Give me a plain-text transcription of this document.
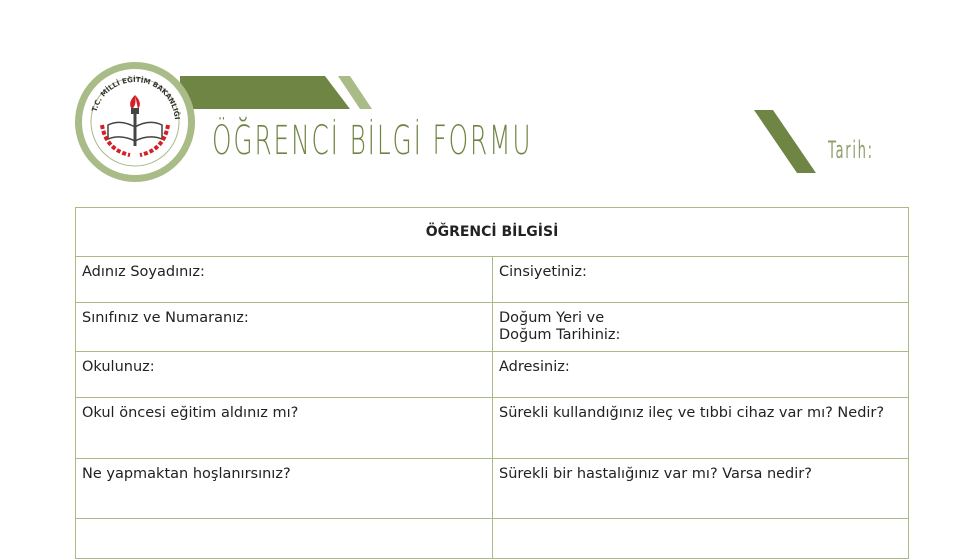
T.C. MİLLİ EĞİTİM BAKANLIĞI ÖĞRENCİ BİLGİ FORMU	Tarih:
ÖĞRENCİ BİLGİSİ	
Adınız Soyadınız:	Cinsiyetiniz:
Sınıfınız ve Numaranız:	Doğum Yeri ve
Doğum Tarihiniz:
Okulunuz:	Adresiniz:
Okul öncesi eğitim aldınız mı?	Sürekli kullandığınız ileç ve tıbbi cihaz var mı? Nedir?
Ne yapmaktan hoşlanırsınız?	Sürekli bir hastalığınız var mı? Varsa nedir?
